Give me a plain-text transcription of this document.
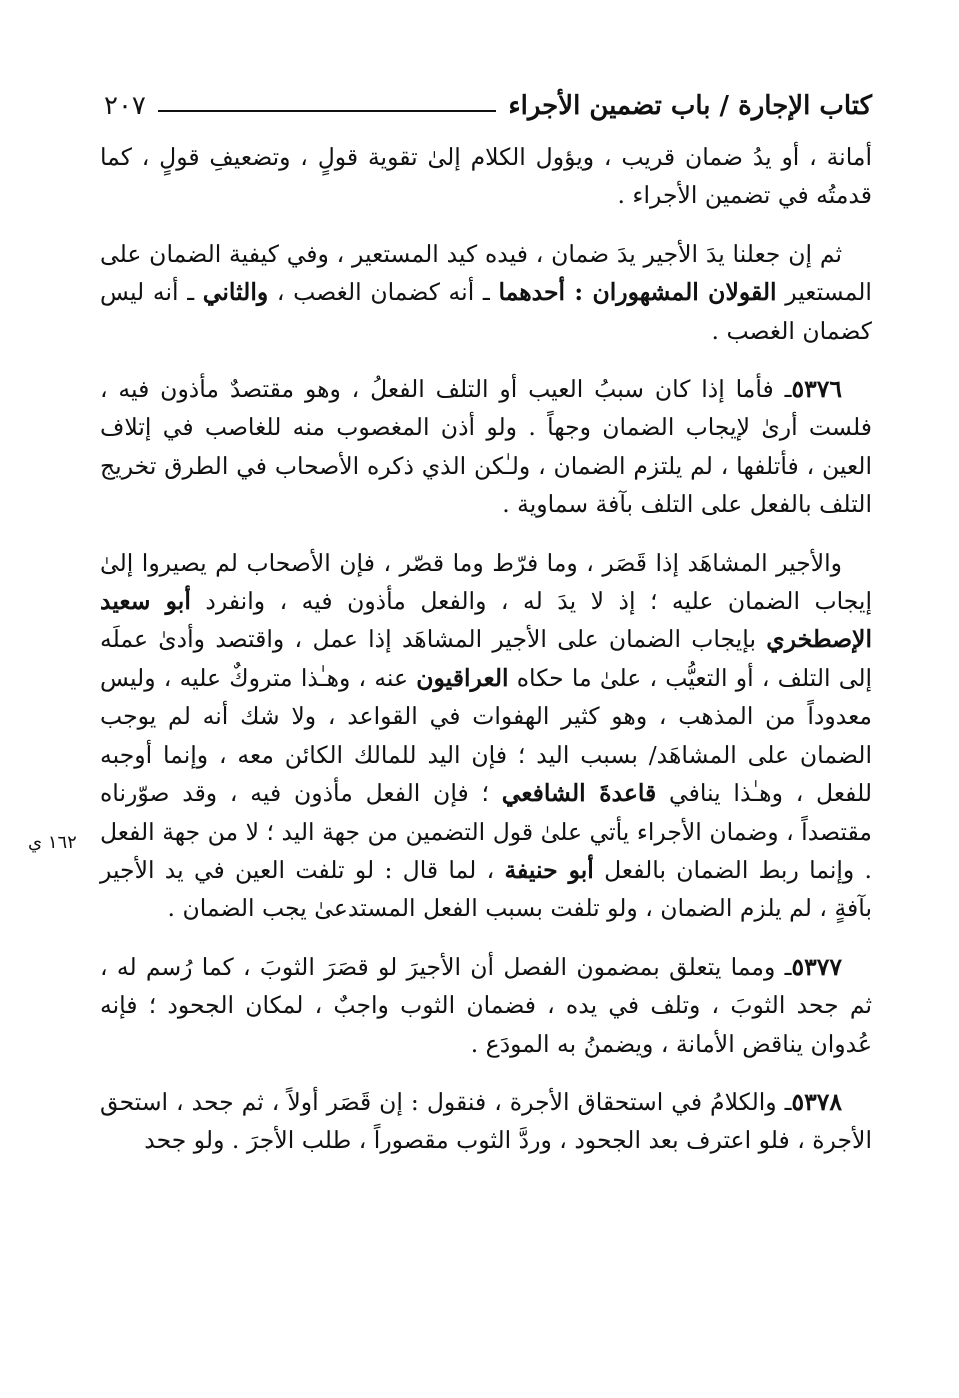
كتاب الإجارة / باب تضمين الأجراء
٢٠٧
١٦٢ ي

أمانة ، أو يدُ ضمان قريب ، ويؤول الكلام إلىٰ تقوية قولٍ ، وتضعيفِ قولٍ ، كما قدمتُه في تضمين الأجراء .

ثم إن جعلنا يدَ الأجير يدَ ضمان ، فيده كيد المستعير ، وفي كيفية الضمان على المستعير القولان المشهوران : أحدهما ـ أنه كضمان الغصب ، والثاني ـ أنه ليس كضمان الغصب .

٥٣٧٦ـ فأما إذا كان سببُ العيب أو التلف الفعلُ ، وهو مقتصدٌ مأذون فيه ، فلست أرىٰ لإيجاب الضمان وجهاً . ولو أذن المغصوب منه للغاصب في إتلاف العين ، فأتلفها ، لم يلتزم الضمان ، ولـٰكن الذي ذكره الأصحاب في الطرق تخريج التلف بالفعل على التلف بآفة سماوية .

والأجير المشاهَد إذا قَصَر ، وما فرّط وما قصّر ، فإن الأصحاب لم يصيروا إلىٰ إيجاب الضمان عليه ؛ إذ لا يدَ له ، والفعل مأذون فيه ، وانفرد أبو سعيد الإصطخري بإيجاب الضمان على الأجير المشاهَد إذا عمل ، واقتصد وأدىٰ عملَه إلى التلف ، أو التعيُّب ، علىٰ ما حكاه العراقيون عنه ، وهـٰذا متروكٌ عليه ، وليس معدوداً من المذهب ، وهو كثير الهفوات في القواعد ، ولا شك أنه لم يوجب الضمان على المشاهَد/ بسبب اليد ؛ فإن اليد للمالك الكائن معه ، وإنما أوجبه للفعل ، وهـٰذا ينافي قاعدةَ الشافعي ؛ فإن الفعل مأذون فيه ، وقد صوّرناه مقتصداً ، وضمان الأجراء يأتي علىٰ قول التضمين من جهة اليد ؛ لا من جهة الفعل . وإنما ربط الضمان بالفعل أبو حنيفة ، لما قال : لو تلفت العين في يد الأجير بآفةٍ ، لم يلزم الضمان ، ولو تلفت بسبب الفعل المستدعىٰ يجب الضمان .

٥٣٧٧ـ ومما يتعلق بمضمون الفصل أن الأجيرَ لو قصَرَ الثوبَ ، كما رُسم له ، ثم جحد الثوبَ ، وتلف في يده ، فضمان الثوب واجبٌ ، لمكان الجحود ؛ فإنه عُدوان يناقض الأمانة ، ويضمنُ به المودَع .

٥٣٧٨ـ والكلامُ في استحقاق الأجرة ، فنقول : إن قَصَر أولاً ، ثم جحد ، استحق الأجرة ، فلو اعترف بعد الجحود ، وردَّ الثوب مقصوراً ، طلب الأجرَ . ولو جحد
